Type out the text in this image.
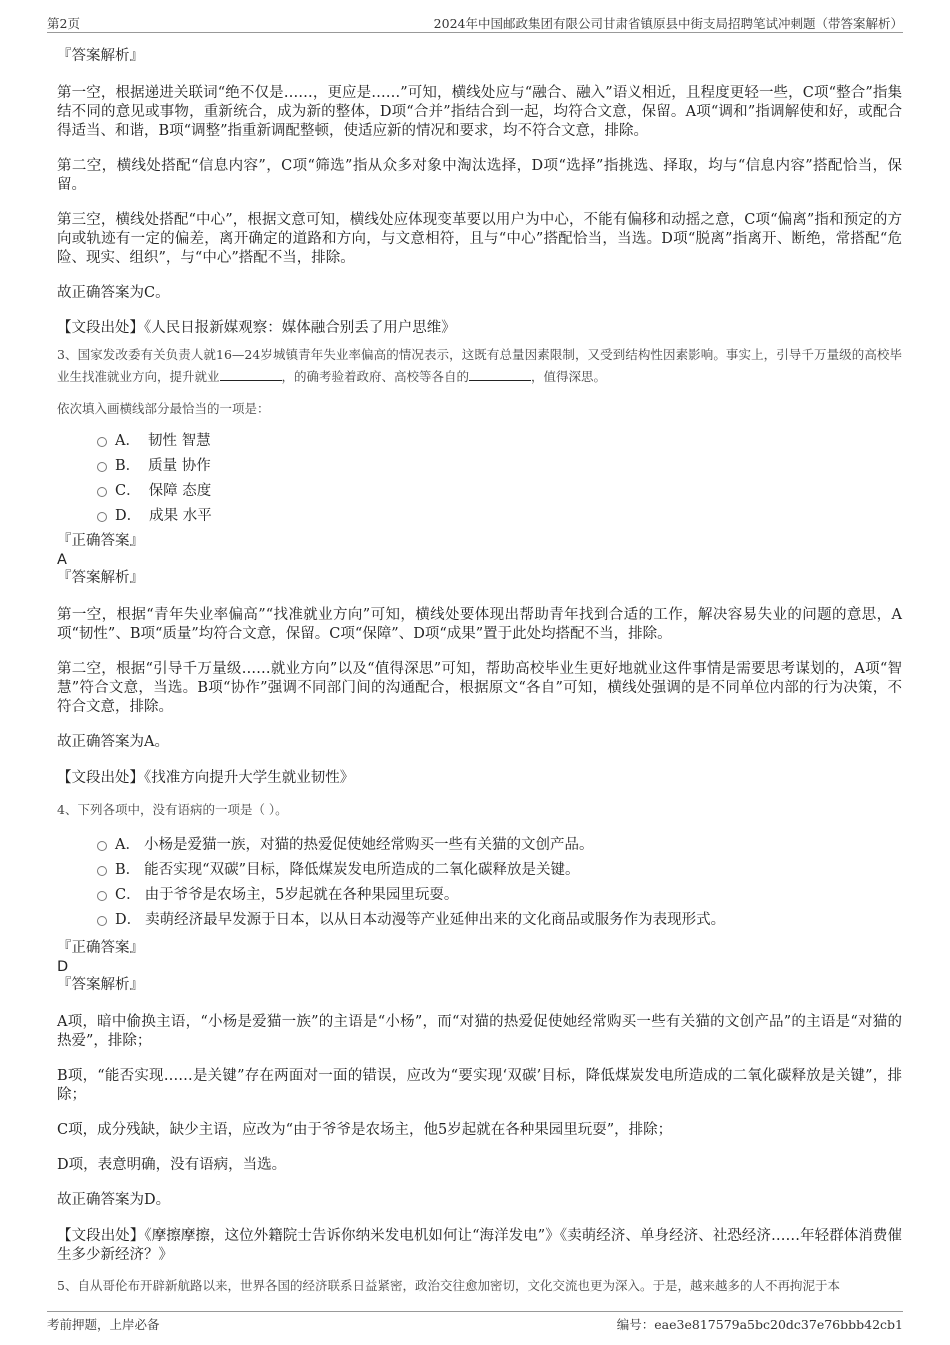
第2页	2024年中国邮政集团有限公司甘肃省镇原县中街支局招聘笔试冲刺题（带答案解析）

『答案解析』

第一空，根据递进关联词“绝不仅是……，更应是……”可知，横线处应与“融合、融入”语义相近，且程度更轻一些，C项“整合”指集结不同的意见或事物，重新统合，成为新的整体，D项“合并”指结合到一起，均符合文意，保留。A项“调和”指调解使和好，或配合得适当、和谐，B项“调整”指重新调配整顿，使适应新的情况和要求，均不符合文意，排除。

第二空，横线处搭配“信息内容”，C项“筛选”指从众多对象中淘汰选择，D项“选择”指挑选、择取，均与“信息内容”搭配恰当，保留。

第三空，横线处搭配“中心”，根据文意可知，横线处应体现变革要以用户为中心，不能有偏移和动摇之意，C项“偏离”指和预定的方向或轨迹有一定的偏差，离开确定的道路和方向，与文意相符，且与“中心”搭配恰当，当选。D项“脱离”指离开、断绝，常搭配“危险、现实、组织”，与“中心”搭配不当，排除。

故正确答案为C。

【文段出处】《人民日报新媒观察：媒体融合别丢了用户思维》

3、国家发改委有关负责人就16—24岁城镇青年失业率偏高的情况表示，这既有总量因素限制，又受到结构性因素影响。事实上，引导千万量级的高校毕业生找准就业方向，提升就业	，的确考验着政府、高校等各自的	，值得深思。

依次填入画横线部分最恰当的一项是：

A． 韧性 智慧
B． 质量 协作
C． 保障 态度
D． 成果 水平

『正确答案』

A

『答案解析』

第一空，根据“青年失业率偏高”“找准就业方向”可知，横线处要体现出帮助青年找到合适的工作，解决容易失业的问题的意思，A项“韧性”、B项“质量”均符合文意，保留。C项“保障”、D项“成果”置于此处均搭配不当，排除。

第二空，根据“引导千万量级……就业方向”以及“值得深思”可知，帮助高校毕业生更好地就业这件事情是需要思考谋划的，A项“智慧”符合文意，当选。B项“协作”强调不同部门间的沟通配合，根据原文“各自”可知，横线处强调的是不同单位内部的行为决策，不符合文意，排除。

故正确答案为A。

【文段出处】《找准方向提升大学生就业韧性》

4、下列各项中，没有语病的一项是（ ）。

A． 小杨是爱猫一族，对猫的热爱促使她经常购买一些有关猫的文创产品。
B． 能否实现“双碳”目标，降低煤炭发电所造成的二氧化碳释放是关键。
C． 由于爷爷是农场主，5岁起就在各种果园里玩耍。
D． 卖萌经济最早发源于日本，以从日本动漫等产业延伸出来的文化商品或服务作为表现形式。

『正确答案』

D

『答案解析』

A项，暗中偷换主语，“小杨是爱猫一族”的主语是“小杨”，而“对猫的热爱促使她经常购买一些有关猫的文创产品”的主语是“对猫的热爱”，排除；

B项，“能否实现……是关键”存在两面对一面的错误，应改为“要实现‘双碳’目标，降低煤炭发电所造成的二氧化碳释放是关键”，排除；

C项，成分残缺，缺少主语，应改为“由于爷爷是农场主，他5岁起就在各种果园里玩耍”，排除；

D项，表意明确，没有语病，当选。

故正确答案为D。

【文段出处】《摩擦摩擦，这位外籍院士告诉你纳米发电机如何让“海洋发电”》《卖萌经济、单身经济、社恐经济……年轻群体消费催生多少新经济？》

5、自从哥伦布开辟新航路以来，世界各国的经济联系日益紧密，政治交往愈加密切，文化交流也更为深入。于是，越来越多的人不再拘泥于本

考前押题，上岸必备	编号：eae3e817579a5bc20dc37e76bbb42cb1
